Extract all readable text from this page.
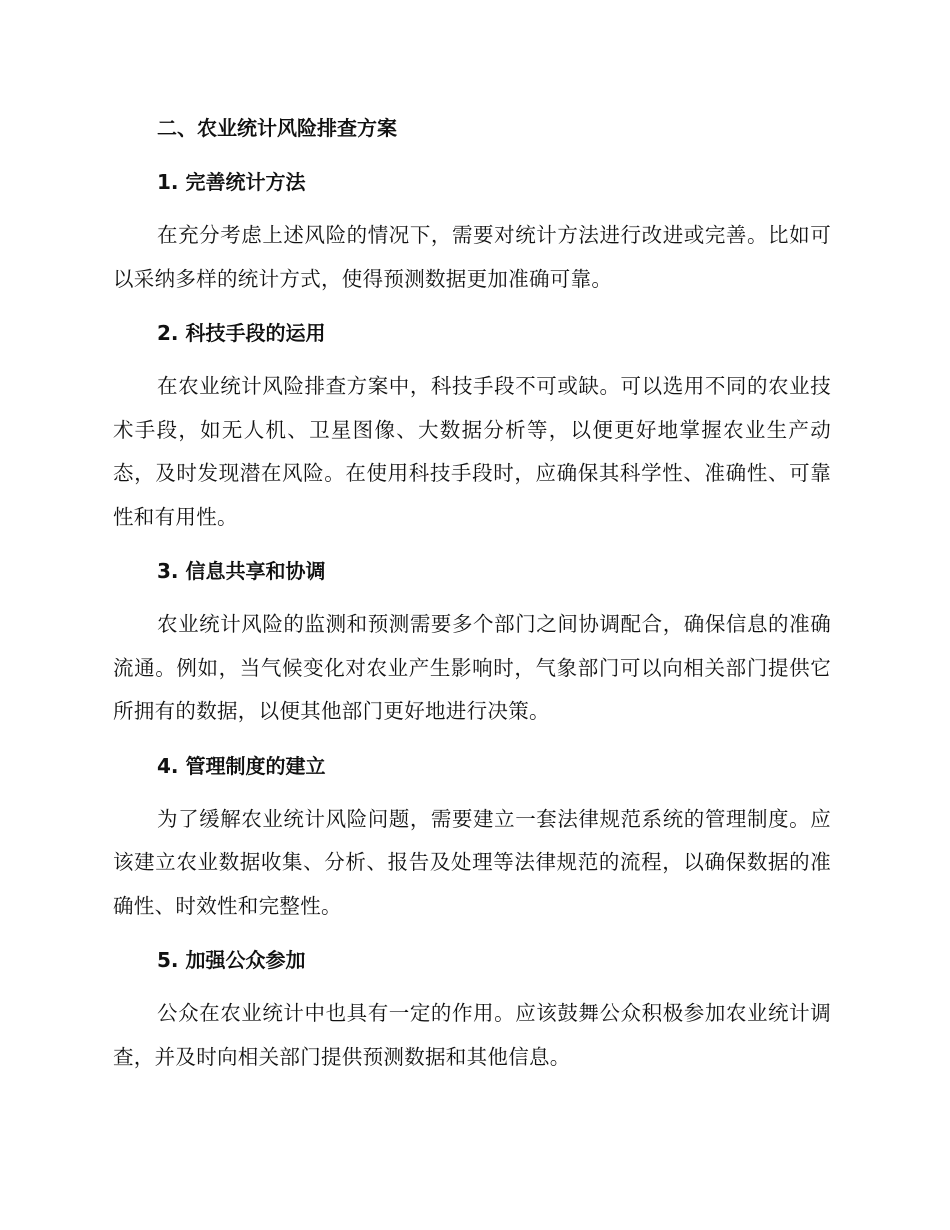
二、农业统计风险排查方案
1. 完善统计方法

在充分考虑上述风险的情况下，需要对统计方法进行改进或完善。比如可以采纳多样的统计方式，使得预测数据更加准确可靠。

2. 科技手段的运用

在农业统计风险排查方案中，科技手段不可或缺。可以选用不同的农业技术手段，如无人机、卫星图像、大数据分析等，以便更好地掌握农业生产动态，及时发现潜在风险。在使用科技手段时，应确保其科学性、准确性、可靠性和有用性。

3. 信息共享和协调

农业统计风险的监测和预测需要多个部门之间协调配合，确保信息的准确流通。例如，当气候变化对农业产生影响时，气象部门可以向相关部门提供它所拥有的数据，以便其他部门更好地进行决策。

4. 管理制度的建立

为了缓解农业统计风险问题，需要建立一套法律规范系统的管理制度。应该建立农业数据收集、分析、报告及处理等法律规范的流程，以确保数据的准确性、时效性和完整性。

5. 加强公众参加

公众在农业统计中也具有一定的作用。应该鼓舞公众积极参加农业统计调查，并及时向相关部门提供预测数据和其他信息。
